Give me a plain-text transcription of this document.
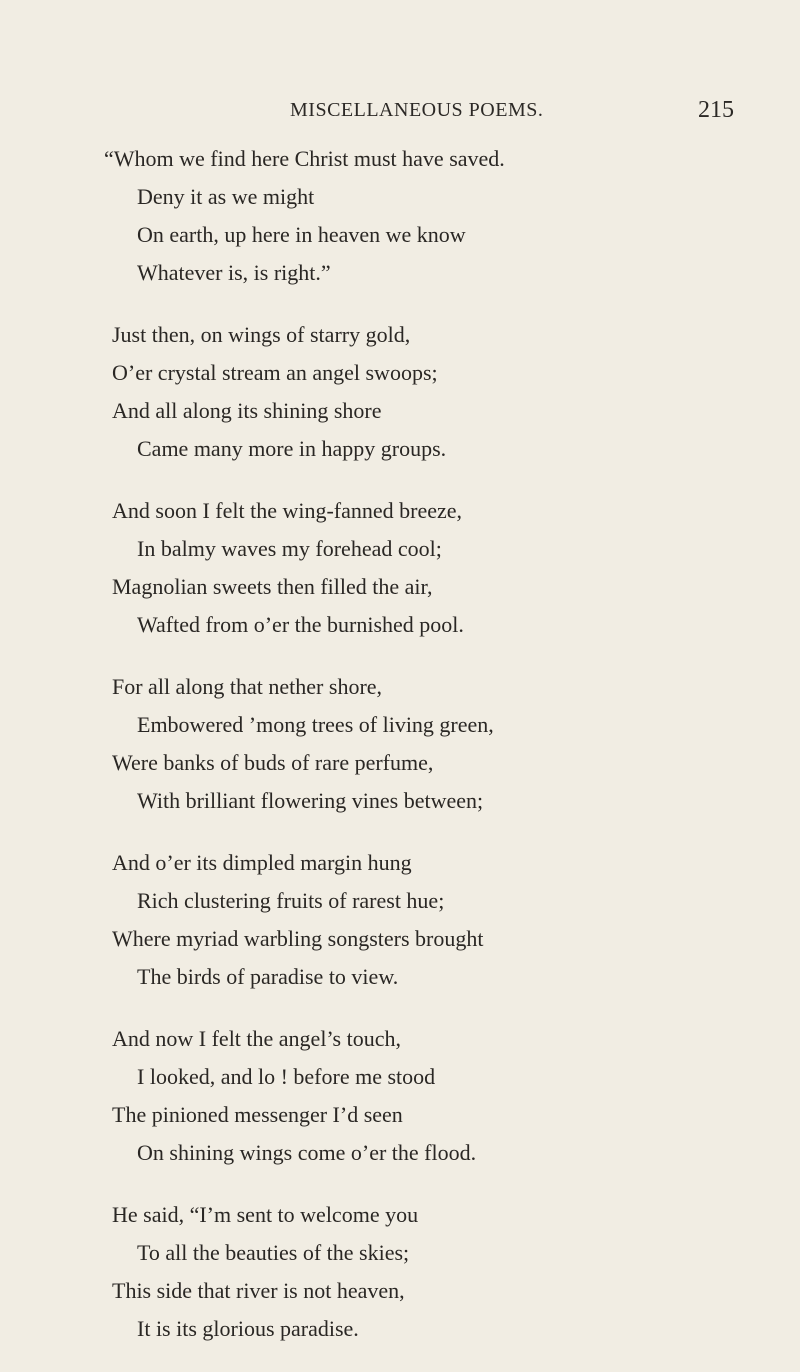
MISCELLANEOUS POEMS.	215
“Whom we find here Christ must have saved.
Deny it as we might
On earth, up here in heaven we know
Whatever is, is right.”
Just then, on wings of starry gold,
O’er crystal stream an angel swoops;
And all along its shining shore
Came many more in happy groups.
And soon I felt the wing-fanned breeze,
In balmy waves my forehead cool;
Magnolian sweets then filled the air,
Wafted from o’er the burnished pool.
For all along that nether shore,
Embowered ’mong trees of living green,
Were banks of buds of rare perfume,
With brilliant flowering vines between;
And o’er its dimpled margin hung
Rich clustering fruits of rarest hue;
Where myriad warbling songsters brought
The birds of paradise to view.
And now I felt the angel’s touch,
I looked, and lo ! before me stood
The pinioned messenger I’d seen
On shining wings come o’er the flood.
He said, “I’m sent to welcome you
To all the beauties of the skies;
This side that river is not heaven,
It is its glorious paradise.
